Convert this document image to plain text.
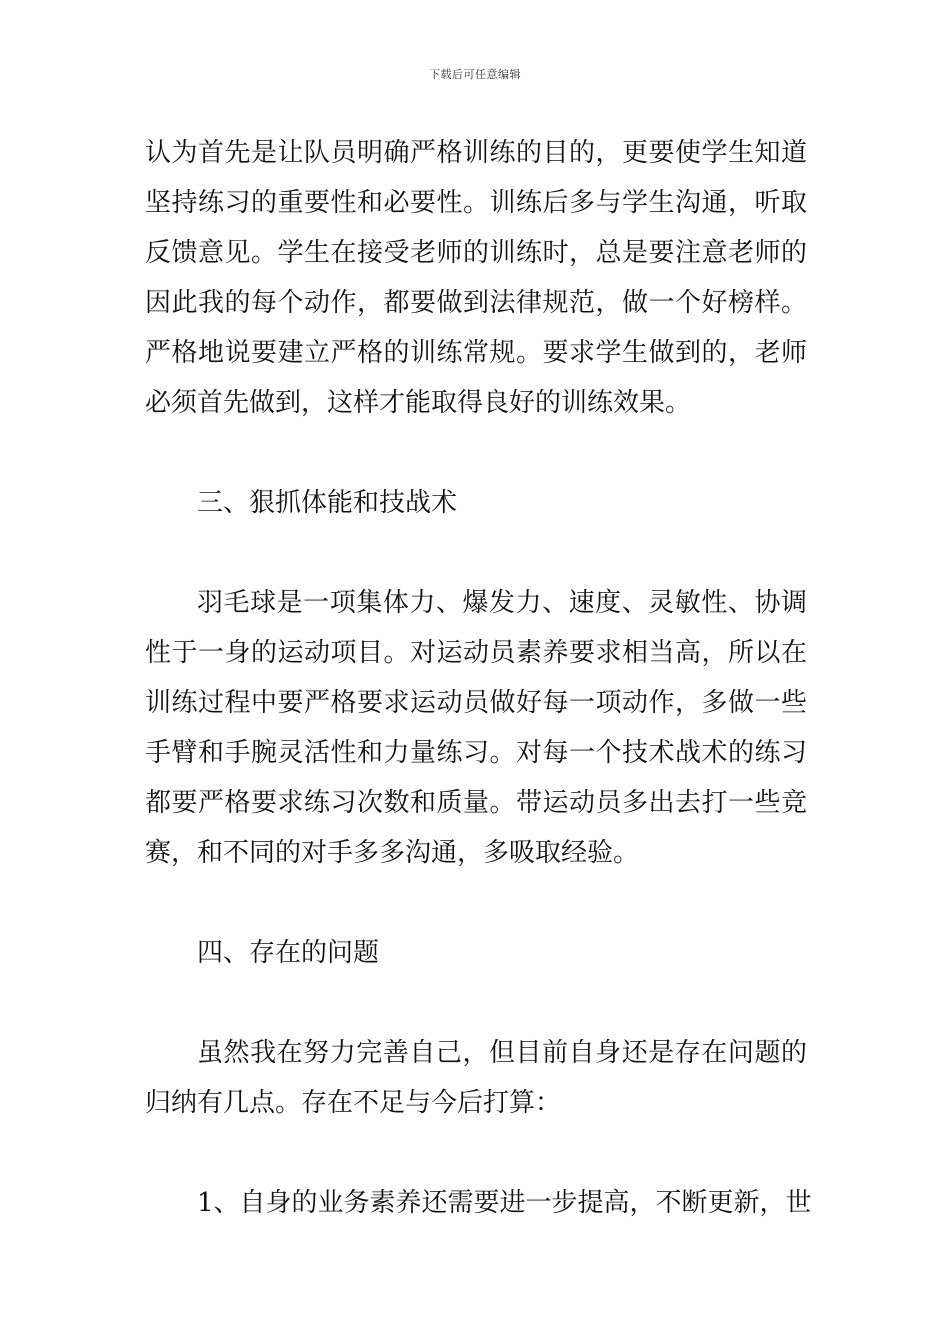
下载后可任意编辑
认为首先是让队员明确严格训练的目的，更要使学生知道
坚持练习的重要性和必要性。训练后多与学生沟通，听取
反馈意见。学生在接受老师的训练时，总是要注意老师的
因此我的每个动作，都要做到法律规范，做一个好榜样。
严格地说要建立严格的训练常规。要求学生做到的，老师
必须首先做到，这样才能取得良好的训练效果。
三、狠抓体能和技战术
羽毛球是一项集体力、爆发力、速度、灵敏性、协调
性于一身的运动项目。对运动员素养要求相当高，所以在
训练过程中要严格要求运动员做好每一项动作，多做一些
手臂和手腕灵活性和力量练习。对每一个技术战术的练习
都要严格要求练习次数和质量。带运动员多出去打一些竞
赛，和不同的对手多多沟通，多吸取经验。
四、存在的问题
虽然我在努力完善自己，但目前自身还是存在问题的
归纳有几点。存在不足与今后打算：
1、自身的业务素养还需要进一步提高，不断更新，世
